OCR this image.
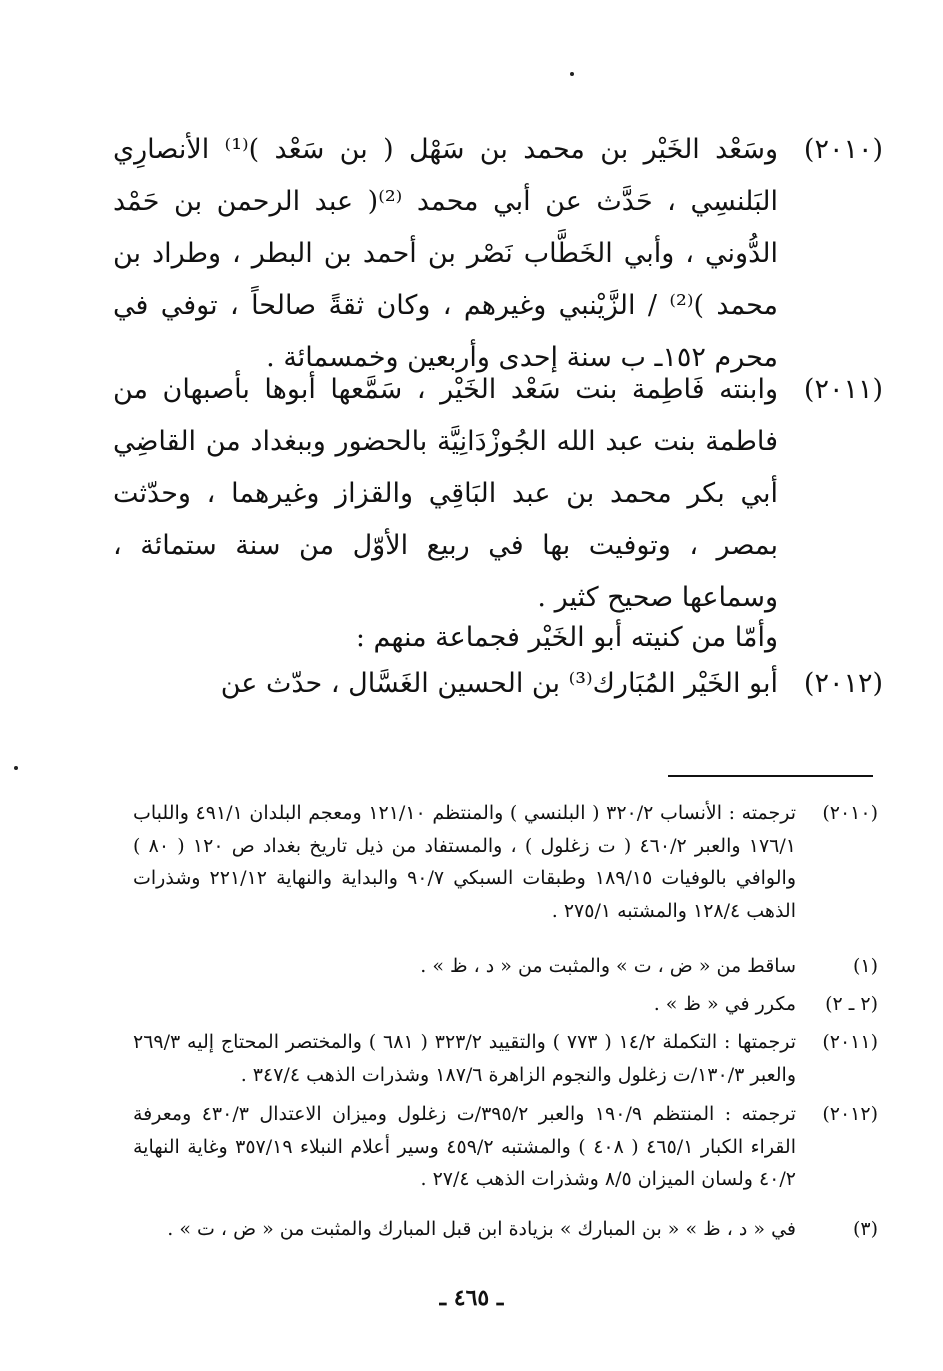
(٢٠١٠)
وسَعْد الخَيْر بن محمد بن سَهْل ( بن سَعْد )⁽¹⁾ الأنصارِي البَلنسِي ، حَدَّث عن أبي محمد ⁽²⁾( عبد الرحمن بن حَمْد الدُّوني ، وأبي الخَطَّاب نَصْر بن أحمد بن البطر ، وطراد بن محمد )⁽²⁾ / الزَّيْنبي وغيرهم ، وكان ثقةً صالحاً ، توفي في محرم ١٥٢ـ ب سنة إحدى وأربعين وخمسمائة .
(٢٠١١)
وابنته فَاطِمة بنت سَعْد الخَيْر ، سَمَّعها أبوها بأصبهان من فاطمة بنت عبد الله الجُوزْدَانِيَّة بالحضور وببغداد من القاضِي أبي بكر محمد بن عبد البَاقِي والقزاز وغيرهما ، وحدّثت بمصر ، وتوفيت بها في ربيع الأوّل من سنة ستمائة ، وسماعها صحيح كثير .
وأمّا من كنيته أبو الخَيْر فجماعة منهم :
(٢٠١٢)
أبو الخَيْر المُبَارك⁽³⁾ بن الحسين الغَسَّال ، حدّث عن
(٢٠١٠)
ترجمته : الأنساب ٣٢٠/٢ ( البلنسي ) والمنتظم ١٢١/١٠ ومعجم البلدان ٤٩١/١ واللباب ١٧٦/١ والعبر ٤٦٠/٢ ( ت زغلول ) ، والمستفاد من ذيل تاريخ بغداد ص ١٢٠ ( ٨٠ ) والوافي بالوفيات ١٨٩/١٥ وطبقات السبكي ٩٠/٧ والبداية والنهاية ٢٢١/١٢ وشذرات الذهب ١٢٨/٤ والمشتبه ٢٧٥/١ .
(١)
ساقط من « ض ، ت » والمثبت من « د ، ظ » .
(٢ ـ ٢)
مكرر في « ظ » .
(٢٠١١)
ترجمتها : التكملة ١٤/٢ ( ٧٧٣ ) والتقييد ٣٢٣/٢ ( ٦٨١ ) والمختصر المحتاج إليه ٢٦٩/٣ والعبر ١٣٠/٣/ت زغلول والنجوم الزاهرة ١٨٧/٦ وشذرات الذهب ٣٤٧/٤ .
(٢٠١٢)
ترجمته : المنتظم ١٩٠/٩ والعبر ٣٩٥/٢/ت زغلول وميزان الاعتدال ٤٣٠/٣ ومعرفة القراء الكبار ٤٦٥/١ ( ٤٠٨ ) والمشتبه ٤٥٩/٢ وسير أعلام النبلاء ٣٥٧/١٩ وغاية النهاية ٤٠/٢ ولسان الميزان ٨/٥ وشذرات الذهب ٢٧/٤ .
(٣)
في « د ، ظ » « بن المبارك » بزيادة ابن قبل المبارك والمثبت من « ض ، ت » .
ـ ٤٦٥ ـ
